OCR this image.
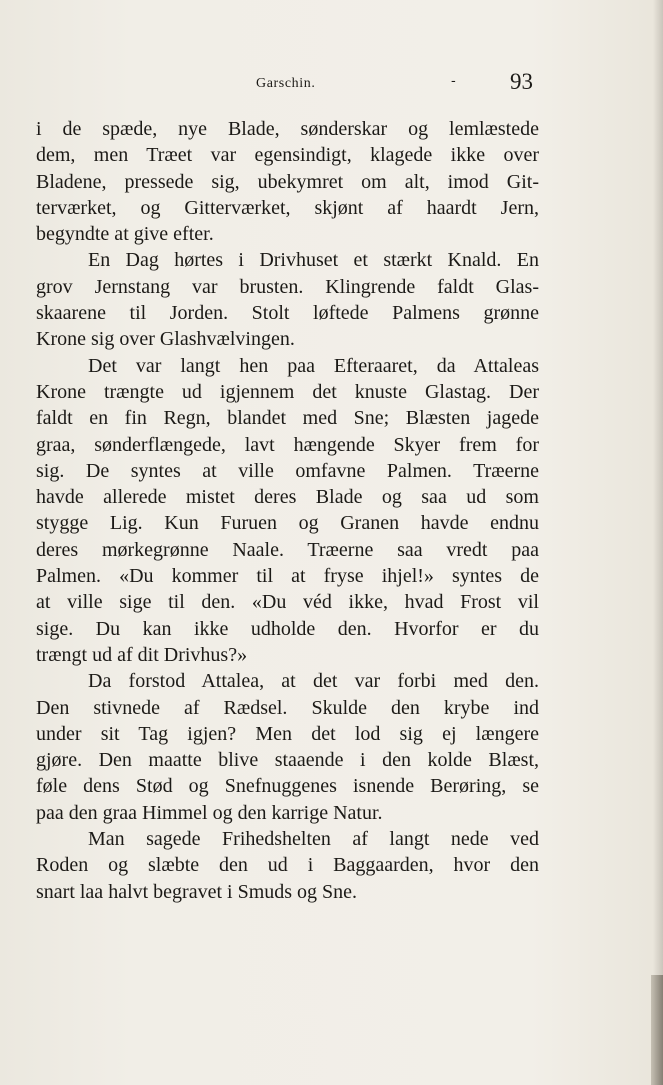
Garschin.	- 93
i de spæde, nye Blade, sønderskar og lemlæstede
dem, men Træet var egensindigt, klagede ikke over
Bladene, pressede sig, ubekymret om alt, imod Git-
terværket, og Gitterværket, skjønt af haardt Jern,
begyndte at give efter.
En Dag hørtes i Drivhuset et stærkt Knald. En
grov Jernstang var brusten. Klingrende faldt Glas-
skaarene til Jorden. Stolt løftede Palmens grønne
Krone sig over Glashvælvingen.
Det var langt hen paa Efteraaret, da Attaleas
Krone trængte ud igjennem det knuste Glastag. Der
faldt en fin Regn, blandet med Sne; Blæsten jagede
graa, sønderflængede, lavt hængende Skyer frem for
sig. De syntes at ville omfavne Palmen. Træerne
havde allerede mistet deres Blade og saa ud som
stygge Lig. Kun Furuen og Granen havde endnu
deres mørkegrønne Naale. Træerne saa vredt paa
Palmen. «Du kommer til at fryse ihjel!» syntes de
at ville sige til den. «Du véd ikke, hvad Frost vil
sige. Du kan ikke udholde den. Hvorfor er du
trængt ud af dit Drivhus?»
Da forstod Attalea, at det var forbi med den.
Den stivnede af Rædsel. Skulde den krybe ind
under sit Tag igjen? Men det lod sig ej længere
gjøre. Den maatte blive staaende i den kolde Blæst,
føle dens Stød og Snefnuggenes isnende Berøring, se
paa den graa Himmel og den karrige Natur.
Man sagede Frihedshelten af langt nede ved
Roden og slæbte den ud i Baggaarden, hvor den
snart laa halvt begravet i Smuds og Sne.
